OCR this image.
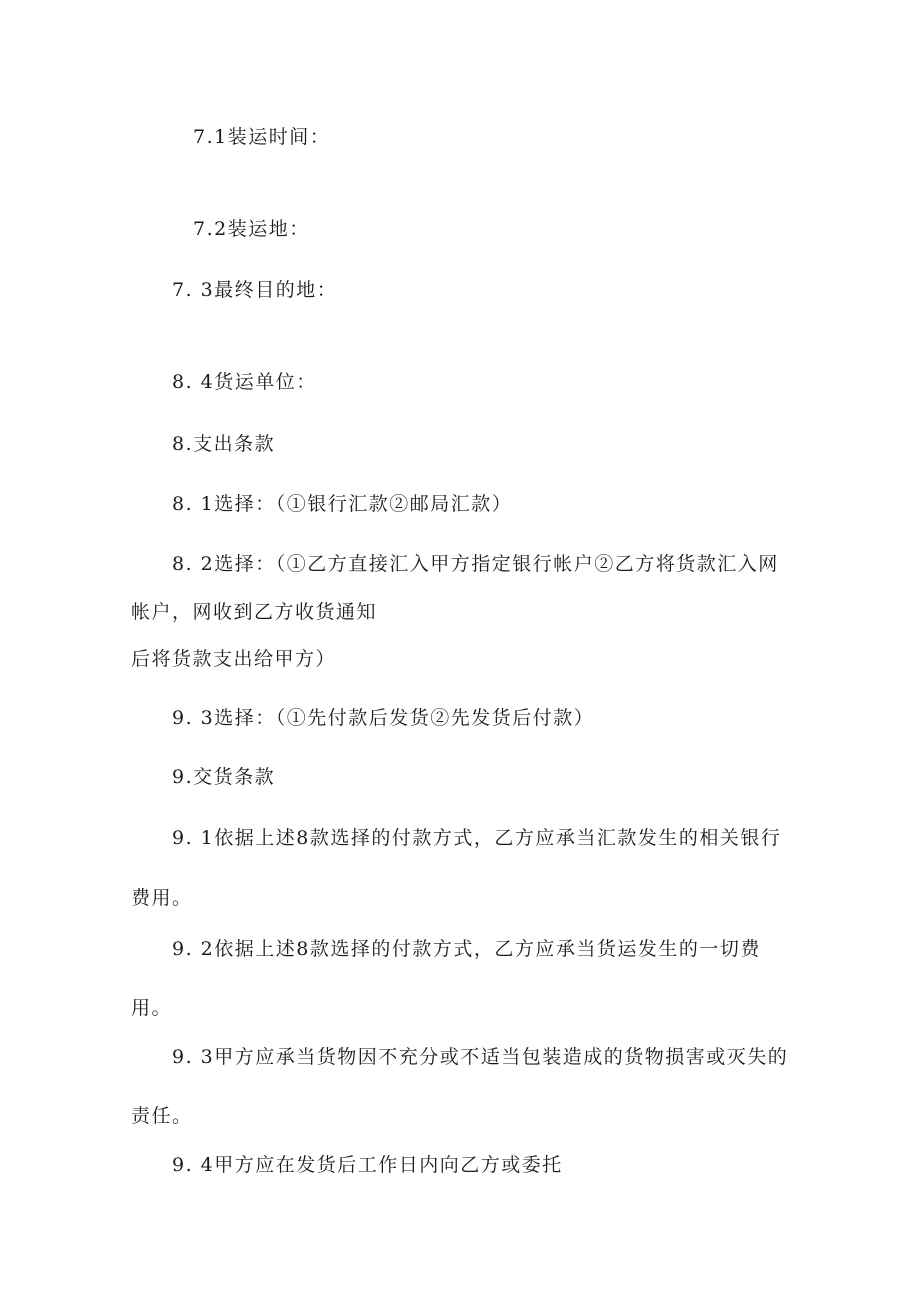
7.1装运时间：
7.2装运地：
7. 3最终目的地：
8. 4货运单位：
8.支出条款
8. 1选择：（①银行汇款②邮局汇款）
8. 2选择：（①乙方直接汇入甲方指定银行帐户②乙方将货款汇入网
帐户，网收到乙方收货通知
后将货款支出给甲方）
9. 3选择：（①先付款后发货②先发货后付款）
9.交货条款
9. 1依据上述8款选择的付款方式，乙方应承当汇款发生的相关银行
费用。
9. 2依据上述8款选择的付款方式，乙方应承当货运发生的一切费
用。
9. 3甲方应承当货物因不充分或不适当包装造成的货物损害或灭失的
责任。
9. 4甲方应在发货后工作日内向乙方或委托
